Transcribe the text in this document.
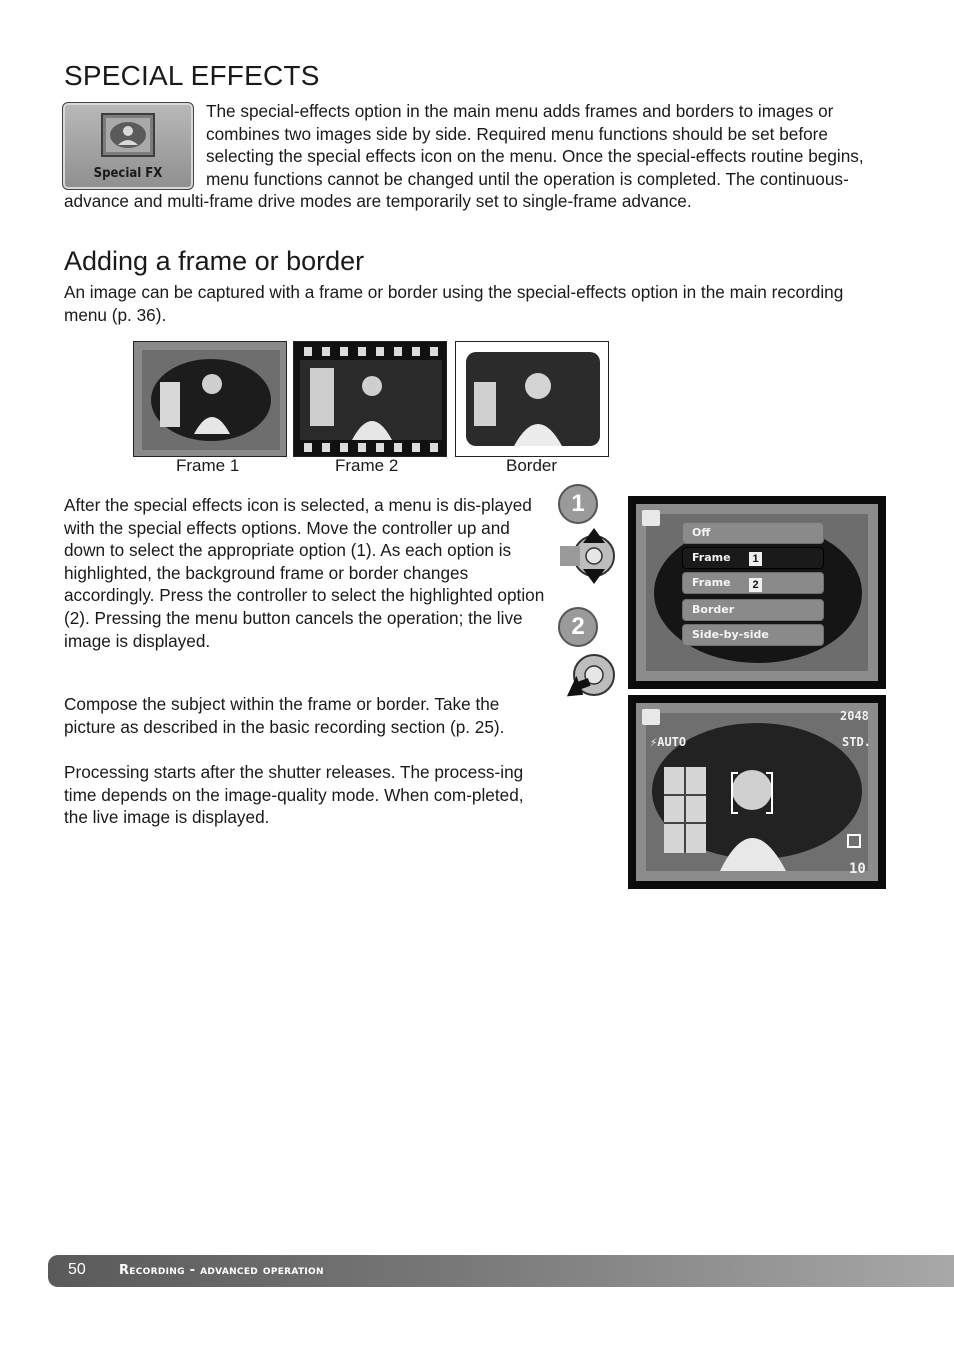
SPECIAL EFFECTS
Special FX
The special-effects option in the main menu adds frames and borders to images or combines two images side by side. Required menu functions should be set before selecting the special effects icon on the menu. Once the special-effects routine begins, menu functions cannot be changed until the operation is completed. The continuous-advance and multi-frame drive modes are temporarily set to single-frame advance.
Adding a frame or border
An image can be captured with a frame or border using the special-effects option in the main recording menu (p. 36).
Frame 1	Frame 2	Border
After the special effects icon is selected, a menu is dis-played with the special effects options. Move the controller up and down to select the appropriate option (1). As each option is highlighted, the background frame or border changes accordingly. Press the controller to select the highlighted option (2). Pressing the menu button cancels the operation; the live image is displayed.
Compose the subject within the frame or border. Take the picture as described in the basic recording section (p. 25).
Processing starts after the shutter releases. The process-ing time depends on the image-quality mode. When com-pleted, the live image is displayed.
1
2
Off
Frame	1
Frame	2
Border
Side-by-side
2048
⚡AUTO	STD.
10
50	Recording - advanced operation
